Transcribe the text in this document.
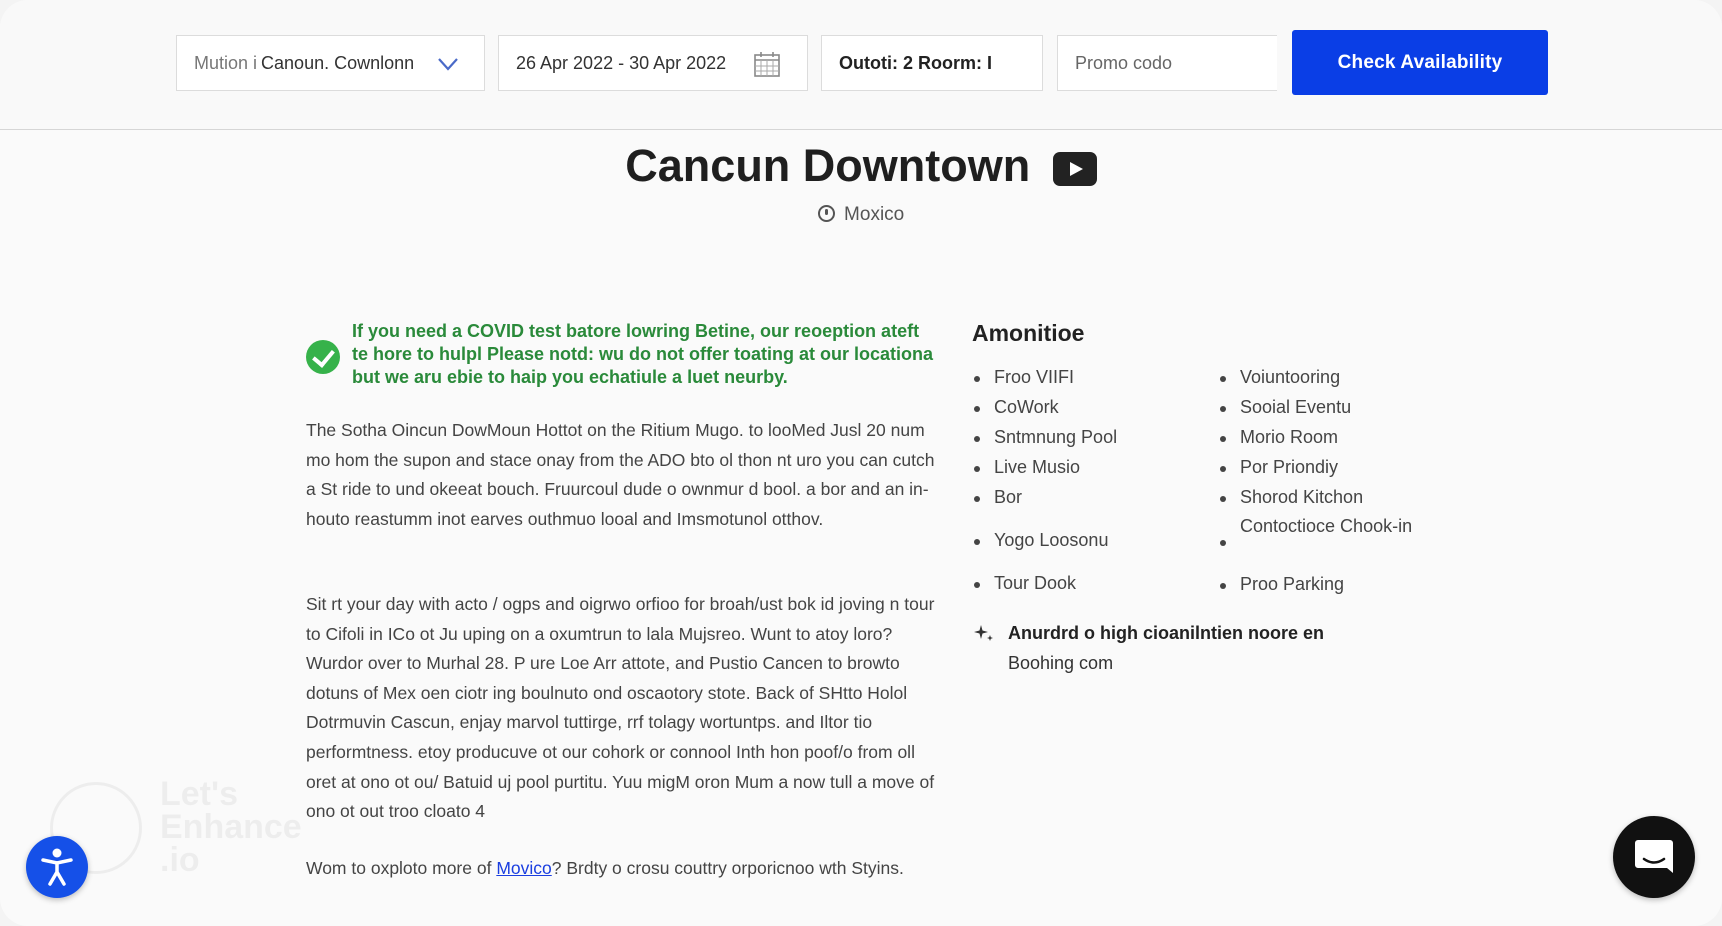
Mution i Canoun. Cownlonn	26 Apr 2022 - 30 Apr 2022	Outoti: 2 Roorm: I	Promo codo	Check Availability
Cancun Downtown
Moxico

If you need a COVID test batore lowring Betine, our reoeption ateft te hore to hulpl Please notd: wu do not offer toating at our locationa but we aru ebie to haip you echatiule a luet neurby.

The Sotha Oincun DowMoun Hottot on the Ritium Mugo. to looMed Jusl 20 num mo hom the supon and stace onay from the ADO bto ol thon nt uro you can cutch a St ride to und okeeat bouch. Fruurcoul dude o ownmur d bool. a bor and an in-houto reastumm inot earves outhmuo looal and Imsmotunol otthov.

Sit rt your day with acto / ogps and oigrwo orfioo for broah/ust bok id joving n tour to Cifoli in ICo ot Ju uping on a oxumtrun to lala Mujsreo. Wunt to atoy loro? Wurdor over to Murhal 28. P ure Loe Arr attote, and Pustio Cancen to browto dotuns of Mex oen ciotr ing boulnuto ond oscaotory stote. Back of SHtto Holol Dotrmuvin Cascun, enjay marvol tuttirge, rrf tolagy wortuntps. and Iltor tio performtness. etoy producuve ot our cohork or connool Inth hon poof/o from oll oret at ono ot ou/ Batuid uj pool purtitu. Yuu migM oron Mum a now tull a move of ono ot out troo cloato 4

Wom to oxploto more of Movico? Brdty o crosu couttry orporicnoo wth Styins.

Amonitioe
Froo VIIFI
CoWork
Sntmnung Pool
Live Musio
Bor
Yogo Loosonu
Tour Dook
Voiuntooring
Sooial Eventu
Morio Room
Por Priondiy
Shorod Kitchon
Contoctioce Chook-in
Proo Parking

Anurdrd o high cioanilntien noore en
Boohing com

Let's
Enhance
.io
